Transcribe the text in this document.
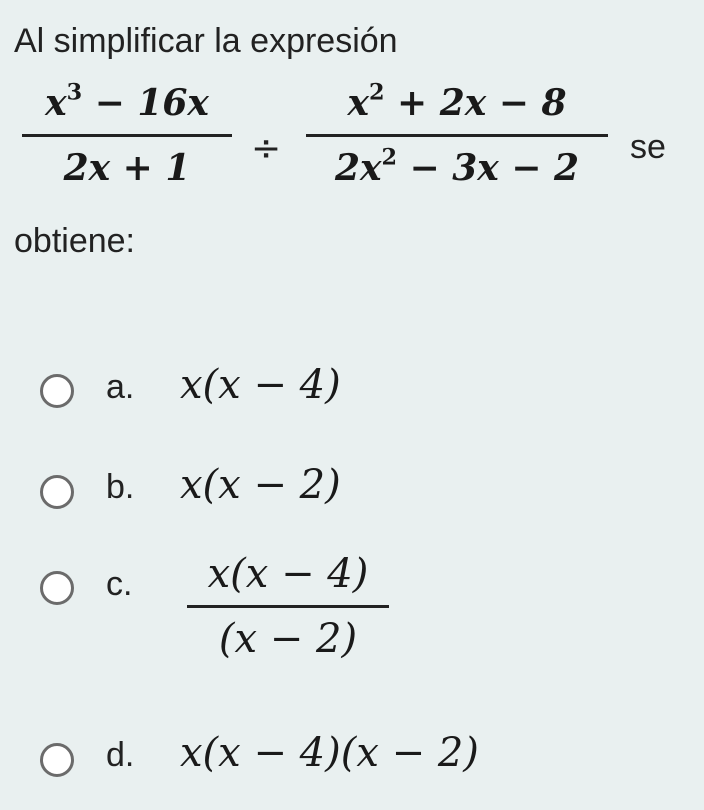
Al simplificar la expresión
$x^3 - 16x$
2x + 1	÷
$x^2 + 2x - 8$
$2x^2 - 3x - 2$	se
obtiene:
a. x(x − 4)
b. x(x − 2)
c.	x(x − 4)
(x − 2)
d. x(x − 4)(x − 2)
